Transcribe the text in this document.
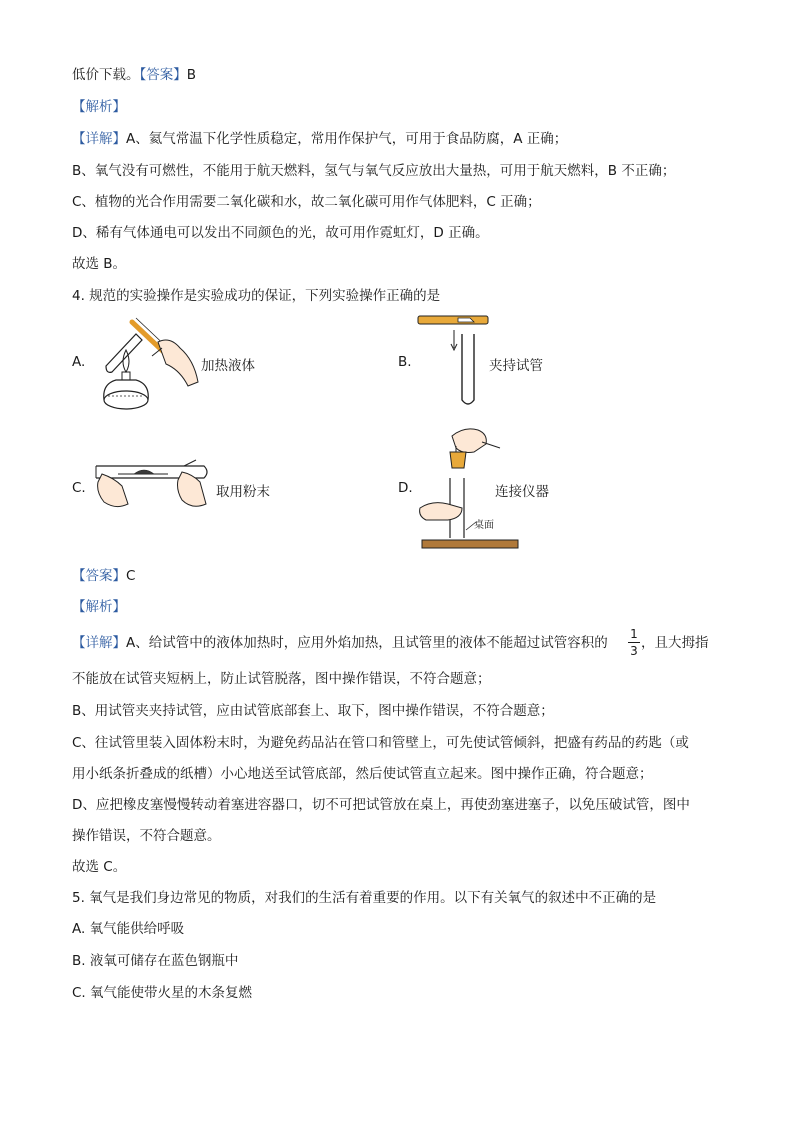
低价下载。【答案】B
【解析】
【详解】A、氦气常温下化学性质稳定，常用作保护气，可用于食品防腐，A 正确；
B、氧气没有可燃性，不能用于航天燃料，氢气与氧气反应放出大量热，可用于航天燃料，B 不正确；
C、植物的光合作用需要二氧化碳和水，故二氧化碳可用作气体肥料，C 正确；
D、稀有气体通电可以发出不同颜色的光，故可用作霓虹灯，D 正确。
故选 B。
4. 规范的实验操作是实验成功的保证，下列实验操作正确的是
A.	加热液体	B.	夹持试管
C.	取用粉末	D.
桌面
连接仪器
【答案】C
【解析】
【详解】A、给试管中的液体加热时，应用外焰加热，且试管里的液体不能超过试管容积的
1
3 ，且大拇指
不能放在试管夹短柄上，防止试管脱落，图中操作错误，不符合题意；
B、用试管夹夹持试管，应由试管底部套上、取下，图中操作错误，不符合题意；
C、往试管里装入固体粉末时，为避免药品沾在管口和管壁上，可先使试管倾斜，把盛有药品的药匙（或
用小纸条折叠成的纸槽）小心地送至试管底部，然后使试管直立起来。图中操作正确，符合题意；
D、应把橡皮塞慢慢转动着塞进容器口，切不可把试管放在桌上，再使劲塞进塞子，以免压破试管，图中
操作错误，不符合题意。
故选 C。
5. 氧气是我们身边常见的物质，对我们的生活有着重要的作用。以下有关氧气的叙述中不正确的是
A. 氧气能供给呼吸
B. 液氧可储存在蓝色钢瓶中
C. 氧气能使带火星的木条复燃
